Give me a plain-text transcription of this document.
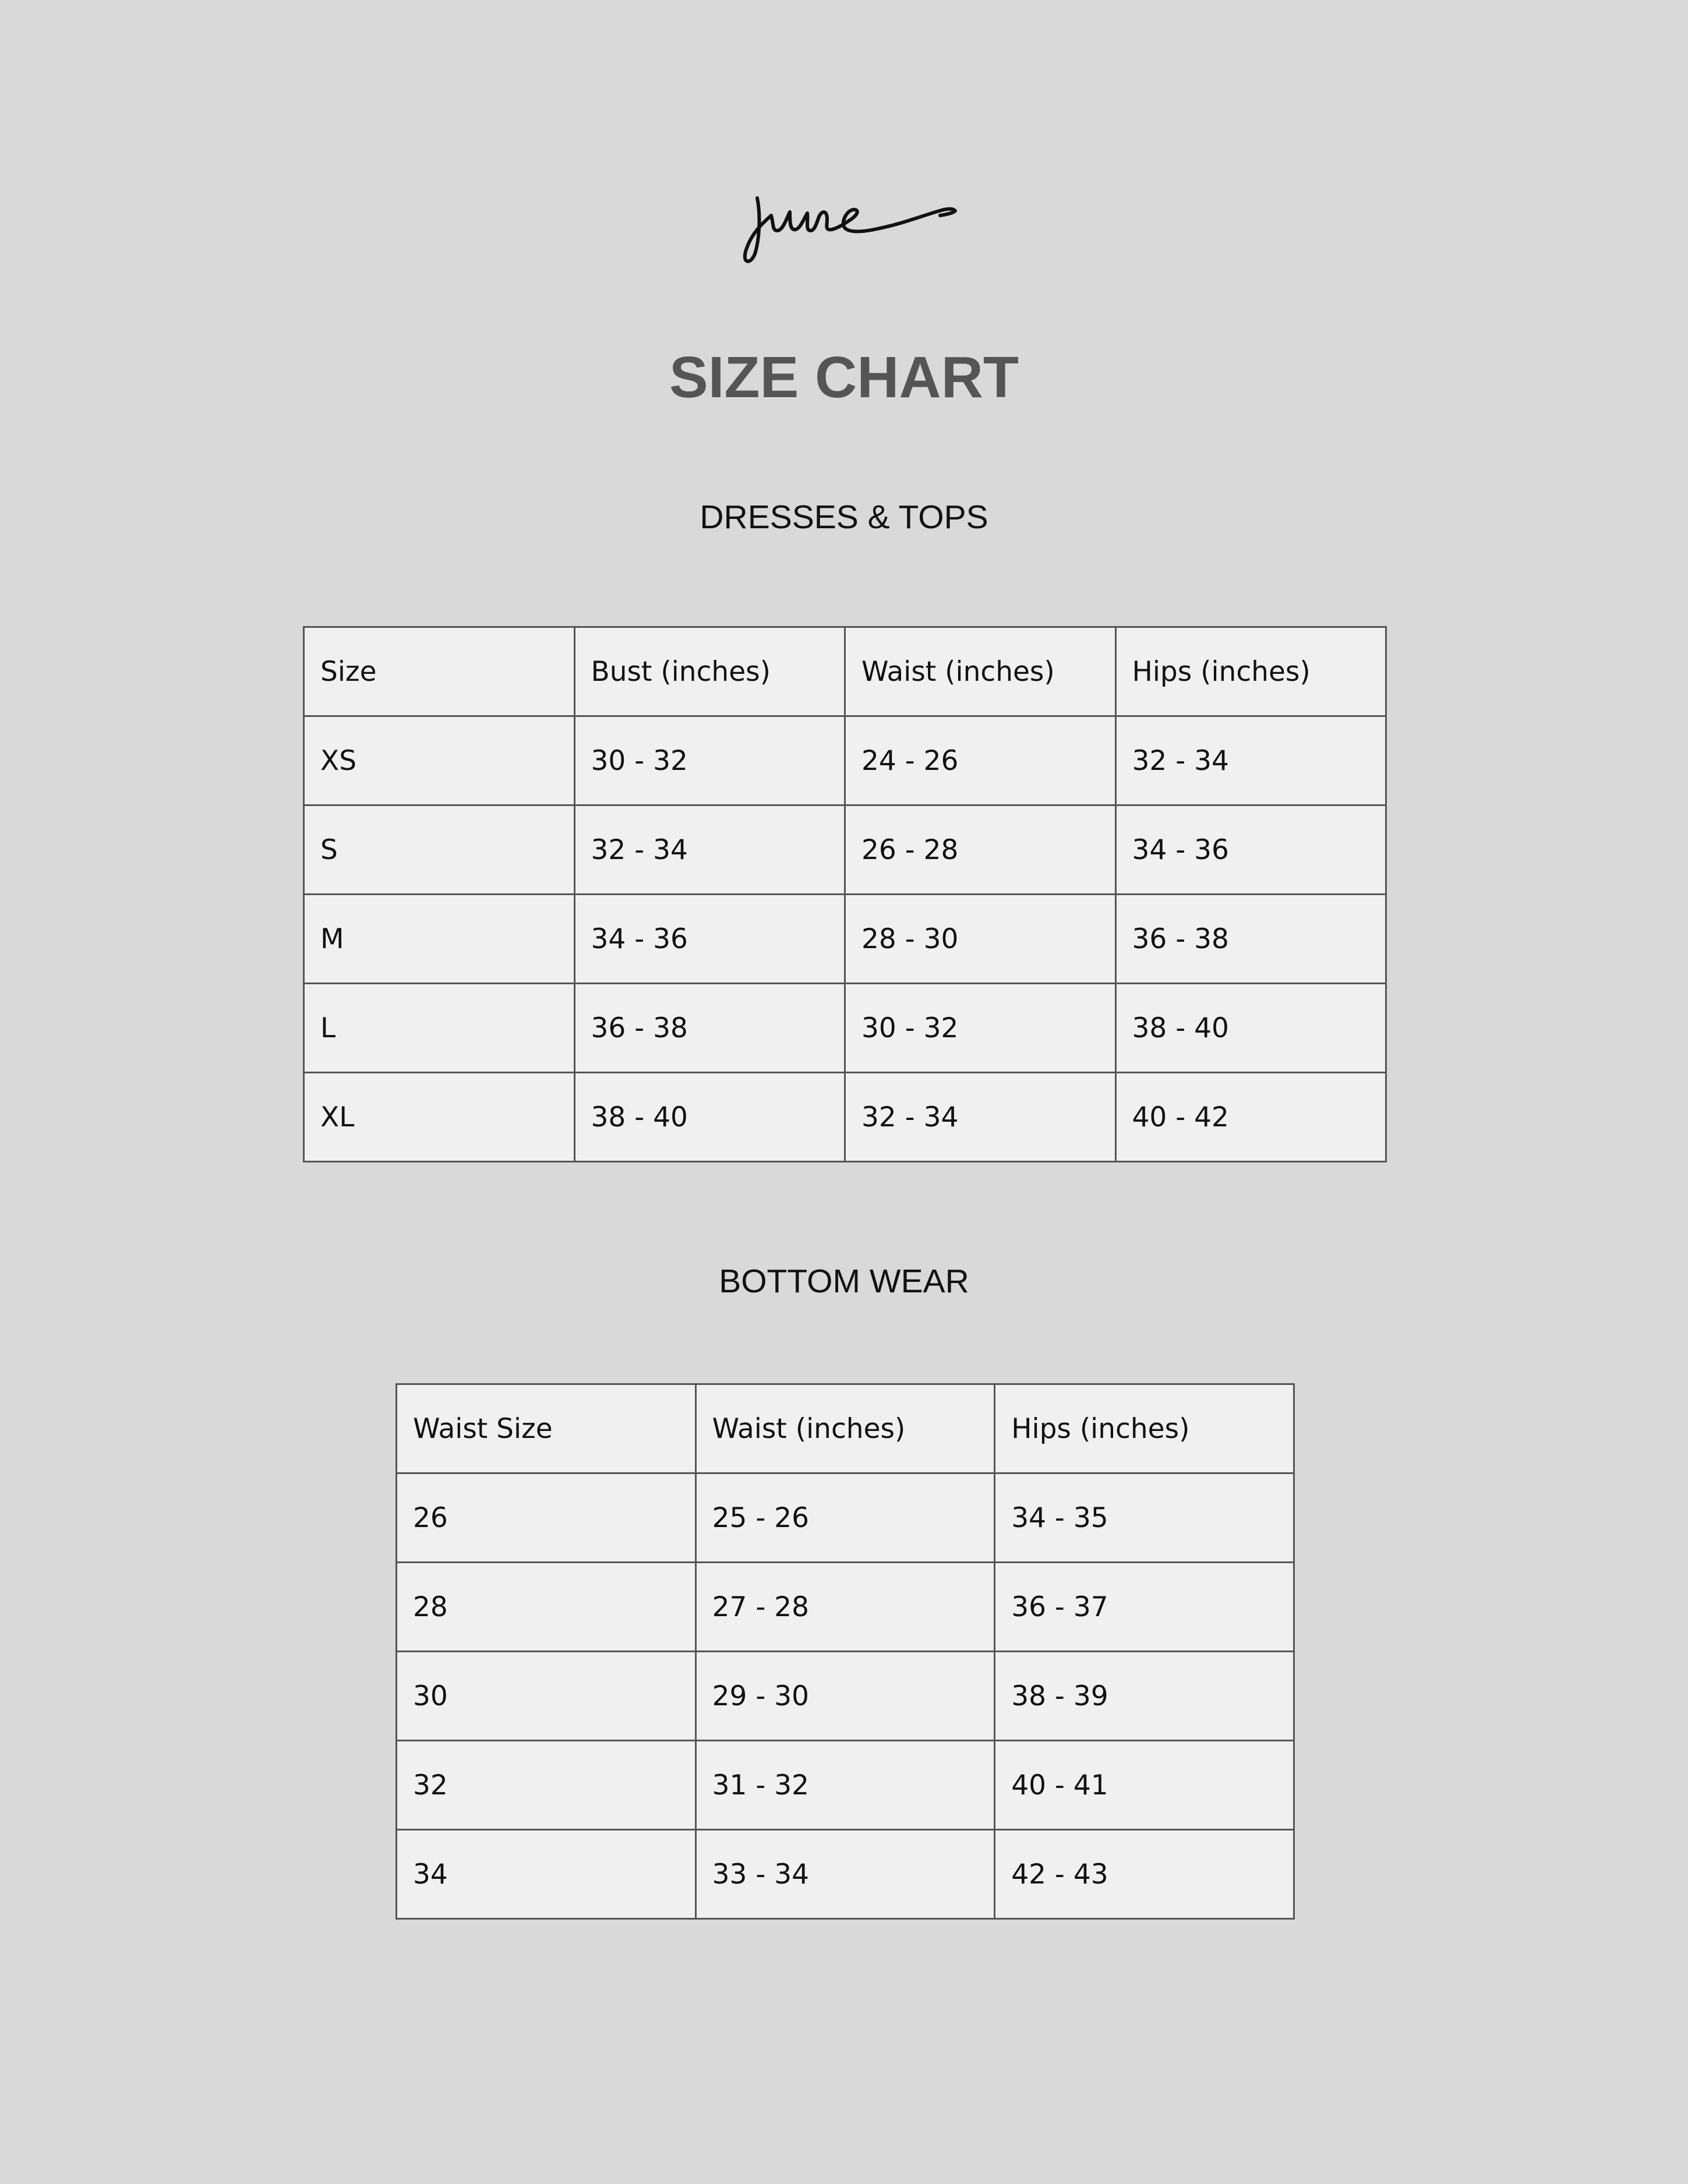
SIZE CHART
DRESSES & TOPS
Size	Bust (inches)	Waist (inches)	Hips (inches)
XS	30 - 32	24 - 26	32 - 34
S	32 - 34	26 - 28	34 - 36
M	34 - 36	28 - 30	36 - 38
L	36 - 38	30 - 32	38 - 40
XL	38 - 40	32 - 34	40 - 42
BOTTOM WEAR
Waist Size	Waist (inches)	Hips (inches)
26	25 - 26	34 - 35
28	27 - 28	36 - 37
30	29 - 30	38 - 39
32	31 - 32	40 - 41
34	33 - 34	42 - 43
